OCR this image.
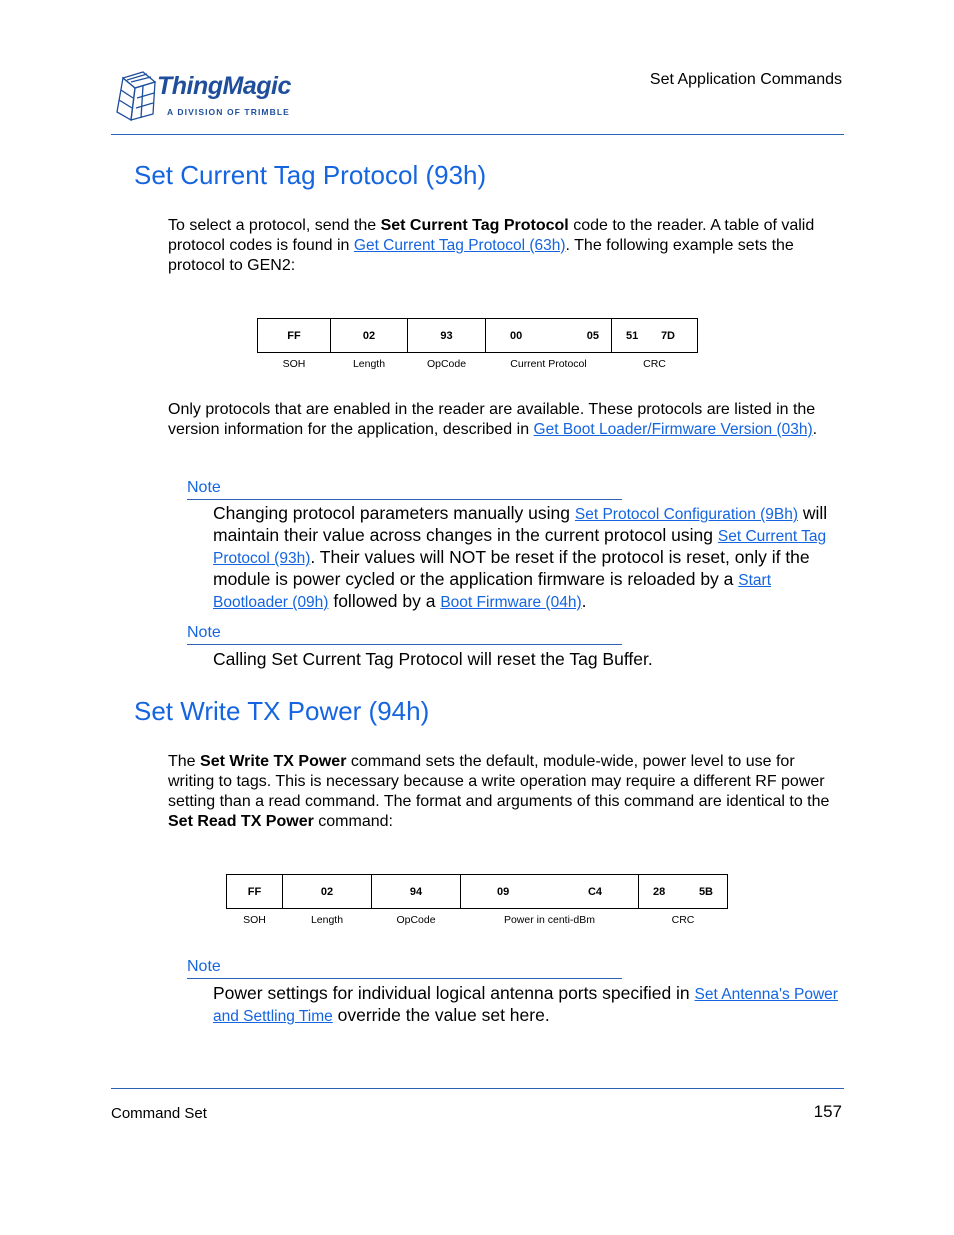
ThingMagic
A DIVISION OF TRIMBLE
Set Application Commands
Set Current Tag Protocol (93h)
To select a protocol, send the Set Current Tag Protocol code to the reader. A table of valid protocol codes is found in Get Current Tag Protocol (63h). The following example sets the protocol to GEN2:
FF	02	93	00 05	51 7D

SOH	Length	OpCode	Current Protocol	CRC
Only protocols that are enabled in the reader are available. These protocols are listed in the version information for the application, described in Get Boot Loader/Firmware Version (03h).
Note
Changing protocol parameters manually using Set Protocol Configuration (9Bh) will maintain their value across changes in the current protocol using Set Current Tag Protocol (93h). Their values will NOT be reset if the protocol is reset, only if the module is power cycled or the application firmware is reloaded by a Start Bootloader (09h) followed by a Boot Firmware (04h).
Note
Calling Set Current Tag Protocol will reset the Tag Buffer.
Set Write TX Power (94h)
The Set Write TX Power command sets the default, module-wide, power level to use for writing to tags. This is necessary because a write operation may require a different RF power setting than a read command. The format and arguments of this command are identical to the Set Read TX Power command:
FF	02	94	09 C4	28 5B

SOH	Length	OpCode	Power in centi-dBm	CRC
Note
Power settings for individual logical antenna ports specified in Set Antenna's Power and Settling Time override the value set here.
Command Set	157
